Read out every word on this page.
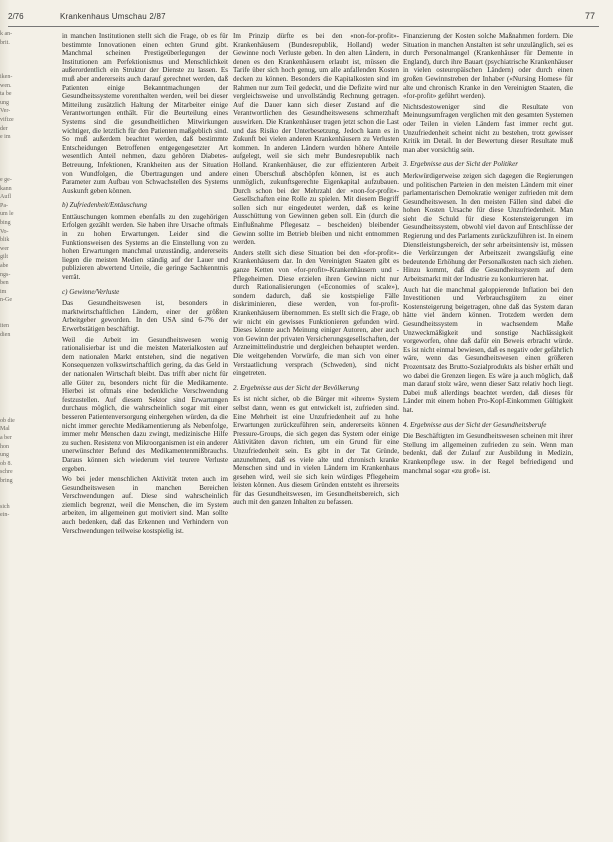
2/76	Krankenhaus Umschau 2/87	77
k an-
brit.

iken-
wen.
ta be
ung
Ver-
vifize
der
e im

e ge-
kann
Aufl
Pa-
um le
bing
Vo-
blik
wer
gilt
abe
ngs-
ben
im
n-Ge

iten
dien

ob die
Mal
a ber
hon
ung
ob 8.
schre
bring

sich
ein-

in manchen Institutionen stellt sich die Frage, ob es für bestimmte Innovationen einen echten Grund gibt. Manchmal scheinen Prestigeüberlegungen der Institutionen am Perfektionismus und Menschlichkeit außerordentlich ein Struktur der Dienste zu lassen. Es muß aber andererseits auch darauf gerechnet werden, daß Patienten einige Bekanntmachungen der Gesundheitssysteme vorenthalten werden, weil bei dieser Mitteilung zusätzlich Haltung der Mitarbeiter einige Verantwortungen enthält. Für die Beurteilung eines Systems sind die gesundheitlichen Mitwirkungen wichtiger, die letztlich für den Patienten maßgeblich sind. So muß außerdem beachtet werden, daß bestimmte Entscheidungen Betroffenen entgegengesetzter Art wesentlich Anteil nehmen, dazu gehören Diabetes-Betreuung, Infektionen, Krankheiten aus der Situation von Wundfolgen, die Übertragungen und andere Parameter zum Aufbau von Schwachstellen des Systems Auskunft geben können.

b) Zufriedenheit/Entäuschung

Enttäuschungen kommen ebenfalls zu den zugehörigen Erfolgen gezählt werden. Sie haben ihre Ursache oftmals in zu hohen Erwartungen. Leider sind die Funktionsweisen des Systems an die Einstellung von zu hohen Erwartungen manchmal unzuständig, andererseits liegen die meisten Medien ständig auf der Lauer und publizieren abwertend Urteile, die geringe Sachkenntnis verrät.

c) Gewinne/Verluste

Das Gesundheitswesen ist, besonders in marktwirtschaftlichen Ländern, einer der größten Arbeitgeber geworden. In den USA sind 6-7% der Erwerbstätigen beschäftigt.

Weil die Arbeit im Gesundheitswesen wenig rationalisierbar ist und die meisten Materialkosten auf dem nationalen Markt entstehen, sind die negativen Konsequenzen volkswirtschaftlich gering, da das Geld in der nationalen Wirtschaft bleibt. Das trifft aber nicht für alle Güter zu, besonders nicht für die Medikamente. Hierbei ist oftmals eine bedenkliche Verschwendung festzustellen. Auf diesem Sektor sind Erwartungen durchaus möglich, die wahrscheinlich sogar mit einer besseren Patientenversorgung einhergehen würden, da die nicht immer gerechte Medikamentierung als Nebenfolge, immer mehr Menschen dazu zwingt, medizinische Hilfe zu suchen. Resistenz von Mikroorganismen ist ein anderer unerwünschter Befund des Medikamentenmißbrauchs. Daraus können sich wiederum viel teurere Verluste ergeben.

Wo bei jeder menschlichen Aktivität treten auch im Gesundheitswesen in manchen Bereichen Verschwendungen auf. Diese sind wahrscheinlich ziemlich begrenzt, weil die Menschen, die im System arbeiten, im allgemeinen gut motiviert sind. Man sollte auch bedenken, daß das Erkennen und Verhindern von Verschwendungen teilweise kostspielig ist.

Im Prinzip dürfte es bei den «non-for-profit»-Krankenhäusern (Bundesrepublik, Holland) weder Gewinne noch Verluste geben. In den alten Ländern, in denen es den Krankenhäusern erlaubt ist, müssen die Tarife über sich hoch genug, um alle anfallenden Kosten decken zu können. Besonders die Kapitalkosten sind im Rahmen nur zum Teil gedeckt, und die Defizite wird nur vergleichsweise und unvollständig Rechnung getragen. Auf die Dauer kann sich dieser Zustand auf die Verantwortlichen des Gesundheitswesens schmerzhaft auswirken. Die Krankenhäuser tragen jetzt schon die Last und das Risiko der Unterbesetzung. Jedoch kann es in Zukunft bei vielen anderen Krankenhäusern zu Verlusten kommen. In anderen Ländern wurden höhere Anteile aufgelegt, weil sie sich mehr Bundesrepublik nach Holland. Krankenhäuser, die zur effizienteren Arbeit einen Überschuß abschöpfen können, ist es auch unmöglich, zukunftsgerechte Eigenkapital aufzubauen. Durch schon bei der Mehrzahl der «non-for-profit»-Gesellschaften eine Rolle zu spielen. Mit diesem Begriff sollen sich nur eingedeutet werden, daß es keine Ausschüttung von Gewinnen geben soll. Ein (durch die Einflußnahme Pflegesatz – bescheiden) bleibender Gewinn sollte im Betrieb bleiben und nicht entnommen werden.

Anders stellt sich diese Situation bei den «for-profit»-Krankenhäusern dar. In den Vereinigten Staaten gibt es ganze Ketten von «for-profit»-Krankenhäusern und -Pflegeheimen. Diese erzielen ihren Gewinn nicht nur durch Rationalisierungen («Economies of scale»), sondern dadurch, daß sie kostspielige Fälle diskriminieren, diese werden, von for-profit-Krankenhäusern übernommen. Es stellt sich die Frage, ob wir nicht ein gewisses Funktionieren gefunden wird. Dieses könnte auch Meinung einiger Autoren, aber auch von Gewinn der privaten Versicherungsgesellschaften, der Arzneimittelindustrie und dergleichen behauptet werden. Die weitgehenden Vorwürfe, die man sich von einer Verstaatlichung versprach (Schweden), sind nicht eingetreten.

2. Ergebnisse aus der Sicht der Bevölkerung

Es ist nicht sicher, ob die Bürger mit «ihrem» System selbst dann, wenn es gut entwickelt ist, zufrieden sind. Eine Mehrheit ist eine Unzufriedenheit auf zu hohe Erwartungen zurückzuführen sein, andererseits können Pressure-Groups, die sich gegen das System oder einige Aktivitäten davon richten, um ein Grund für eine Unzufriedenheit sein. Es gibt in der Tat Gründe, anzunehmen, daß es viele alte und chronisch kranke Menschen sind und in vielen Ländern im Krankenhaus gesehen wird, weil sie sich kein würdiges Pflegeheim leisten können. Aus diesem Gründen entsteht es ihrerseits für das Gesundheitswesen, im Gesundheitsbereich, sich auch mit den ganzen Inhalten zu befassen.

Finanzierung der Kosten solche Maßnahmen fordern. Die Situation in manchen Anstalten ist sehr unzulänglich, sei es durch Personalmangel (Krankenhäuser für Demente in England), durch ihre Bauart (psychiatrische Krankenhäuser in vielen osteuropäischen Ländern) oder durch einen großen Gewinnstreben der Inhaber («Nursing Homes» für alte und chronisch Kranke in den Vereinigten Staaten, die «for-profit» geführt werden).

Nichtsdestoweniger sind die Resultate von Meinungsumfragen verglichen mit den gesamten Systemen oder Teilen in vielen Ländern fast immer recht gut. Unzufriedenheit scheint nicht zu bestehen, trotz gewisser Kritik im Detail. In der Bewertung dieser Resultate muß man aber vorsichtig sein.

3. Ergebnisse aus der Sicht der Politiker

Merkwürdigerweise zeigen sich dagegen die Regierungen und politischen Parteien in den meisten Ländern mit einer parlamentarischen Demokratie weniger zufrieden mit dem Gesundheitswesen. In den meisten Fällen sind dabei die hohen Kosten Ursache für diese Unzufriedenheit. Man sieht die Schuld für diese Kostensteigerungen im Gesundheitssystem, obwohl viel davon auf Entschlüsse der Regierung und des Parlaments zurückzuführen ist. In einem Dienstleistungsbereich, der sehr arbeitsintensiv ist, müssen die Verkürzungen der Arbeitszeit zwangsläufig eine bedeutende Erhöhung der Personalkosten nach sich ziehen. Hinzu kommt, daß die Gesundheitssystem auf dem Arbeitsmarkt mit der Industrie zu konkurrieren hat.

Auch hat die manchmal galoppierende Inflation bei den Investitionen und Verbrauchsgütern zu einer Kostensteigerung beigetragen, ohne daß das System daran hätte viel ändern können. Trotzdem werden dem Gesundheitssystem in wachsendem Maße Unzweckmäßigkeit und sonstige Nachlässigkeit vorgeworfen, ohne daß dafür ein Beweis erbracht würde. Es ist nicht einmal bewiesen, daß es negativ oder gefährlich wäre, wenn das Gesundheitswesen einen größeren Prozentsatz des Brutto-Sozialprodukts als bisher erhält und wo dabei die Grenzen liegen. Es wäre ja auch möglich, daß man darauf stolz wäre, wenn dieser Satz relativ hoch liegt. Dabei muß allerdings beachtet werden, daß dieses für Länder mit einem hohen Pro-Kopf-Einkommen Gültigkeit hat.

4. Ergebnisse aus der Sicht der Gesundheitsberufe

Die Beschäftigten im Gesundheitswesen scheinen mit ihrer Stellung im allgemeinen zufrieden zu sein. Wenn man bedenkt, daß der Zulauf zur Ausbildung in Medizin, Krankenpflege usw. in der Regel befriedigend und manchmal sogar «zu groß» ist.
